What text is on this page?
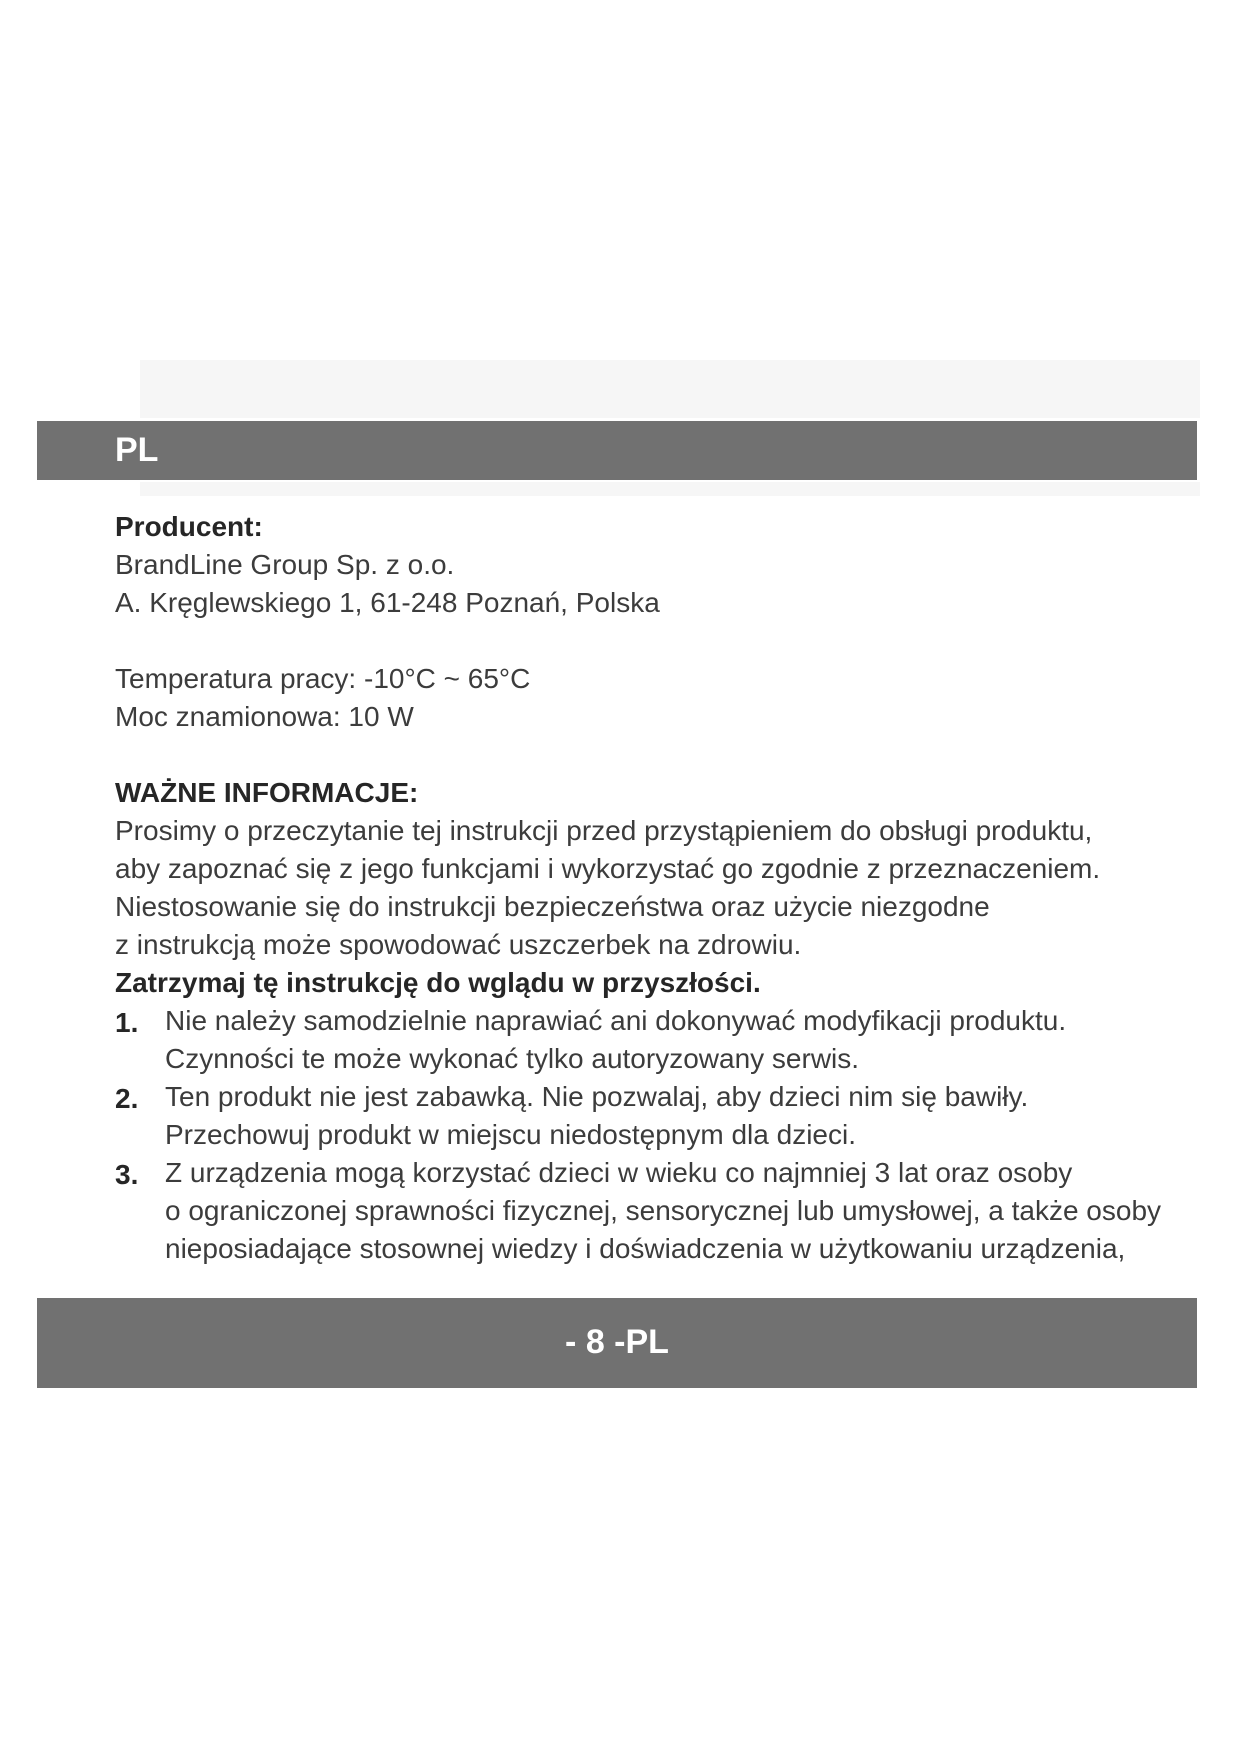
PL

Producent:

BrandLine Group Sp. z o.o.

A. Kręglewskiego 1, 61-248 Poznań, Polska

Temperatura pracy: -10°C ~ 65°C

Moc znamionowa: 10 W

WAŻNE INFORMACJE:

Prosimy o przeczytanie tej instrukcji przed przystąpieniem do obsługi produktu,

aby zapoznać się z jego funkcjami i wykorzystać go zgodnie z przeznaczeniem.

Niestosowanie się do instrukcji bezpieczeństwa oraz użycie niezgodne

z instrukcją może spowodować uszczerbek na zdrowiu.

Zatrzymaj tę instrukcję do wglądu w przyszłości.

1. Nie należy samodzielnie naprawiać ani dokonywać modyfikacji produktu.

Czynności te może wykonać tylko autoryzowany serwis.

2. Ten produkt nie jest zabawką. Nie pozwalaj, aby dzieci nim się bawiły.

Przechowuj produkt w miejscu niedostępnym dla dzieci.

3. Z urządzenia mogą korzystać dzieci w wieku co najmniej 3 lat oraz osoby

o ograniczonej sprawności fizycznej, sensorycznej lub umysłowej, a także osoby

nieposiadające stosownej wiedzy i doświadczenia w użytkowaniu urządzenia,

- 8 -PL
